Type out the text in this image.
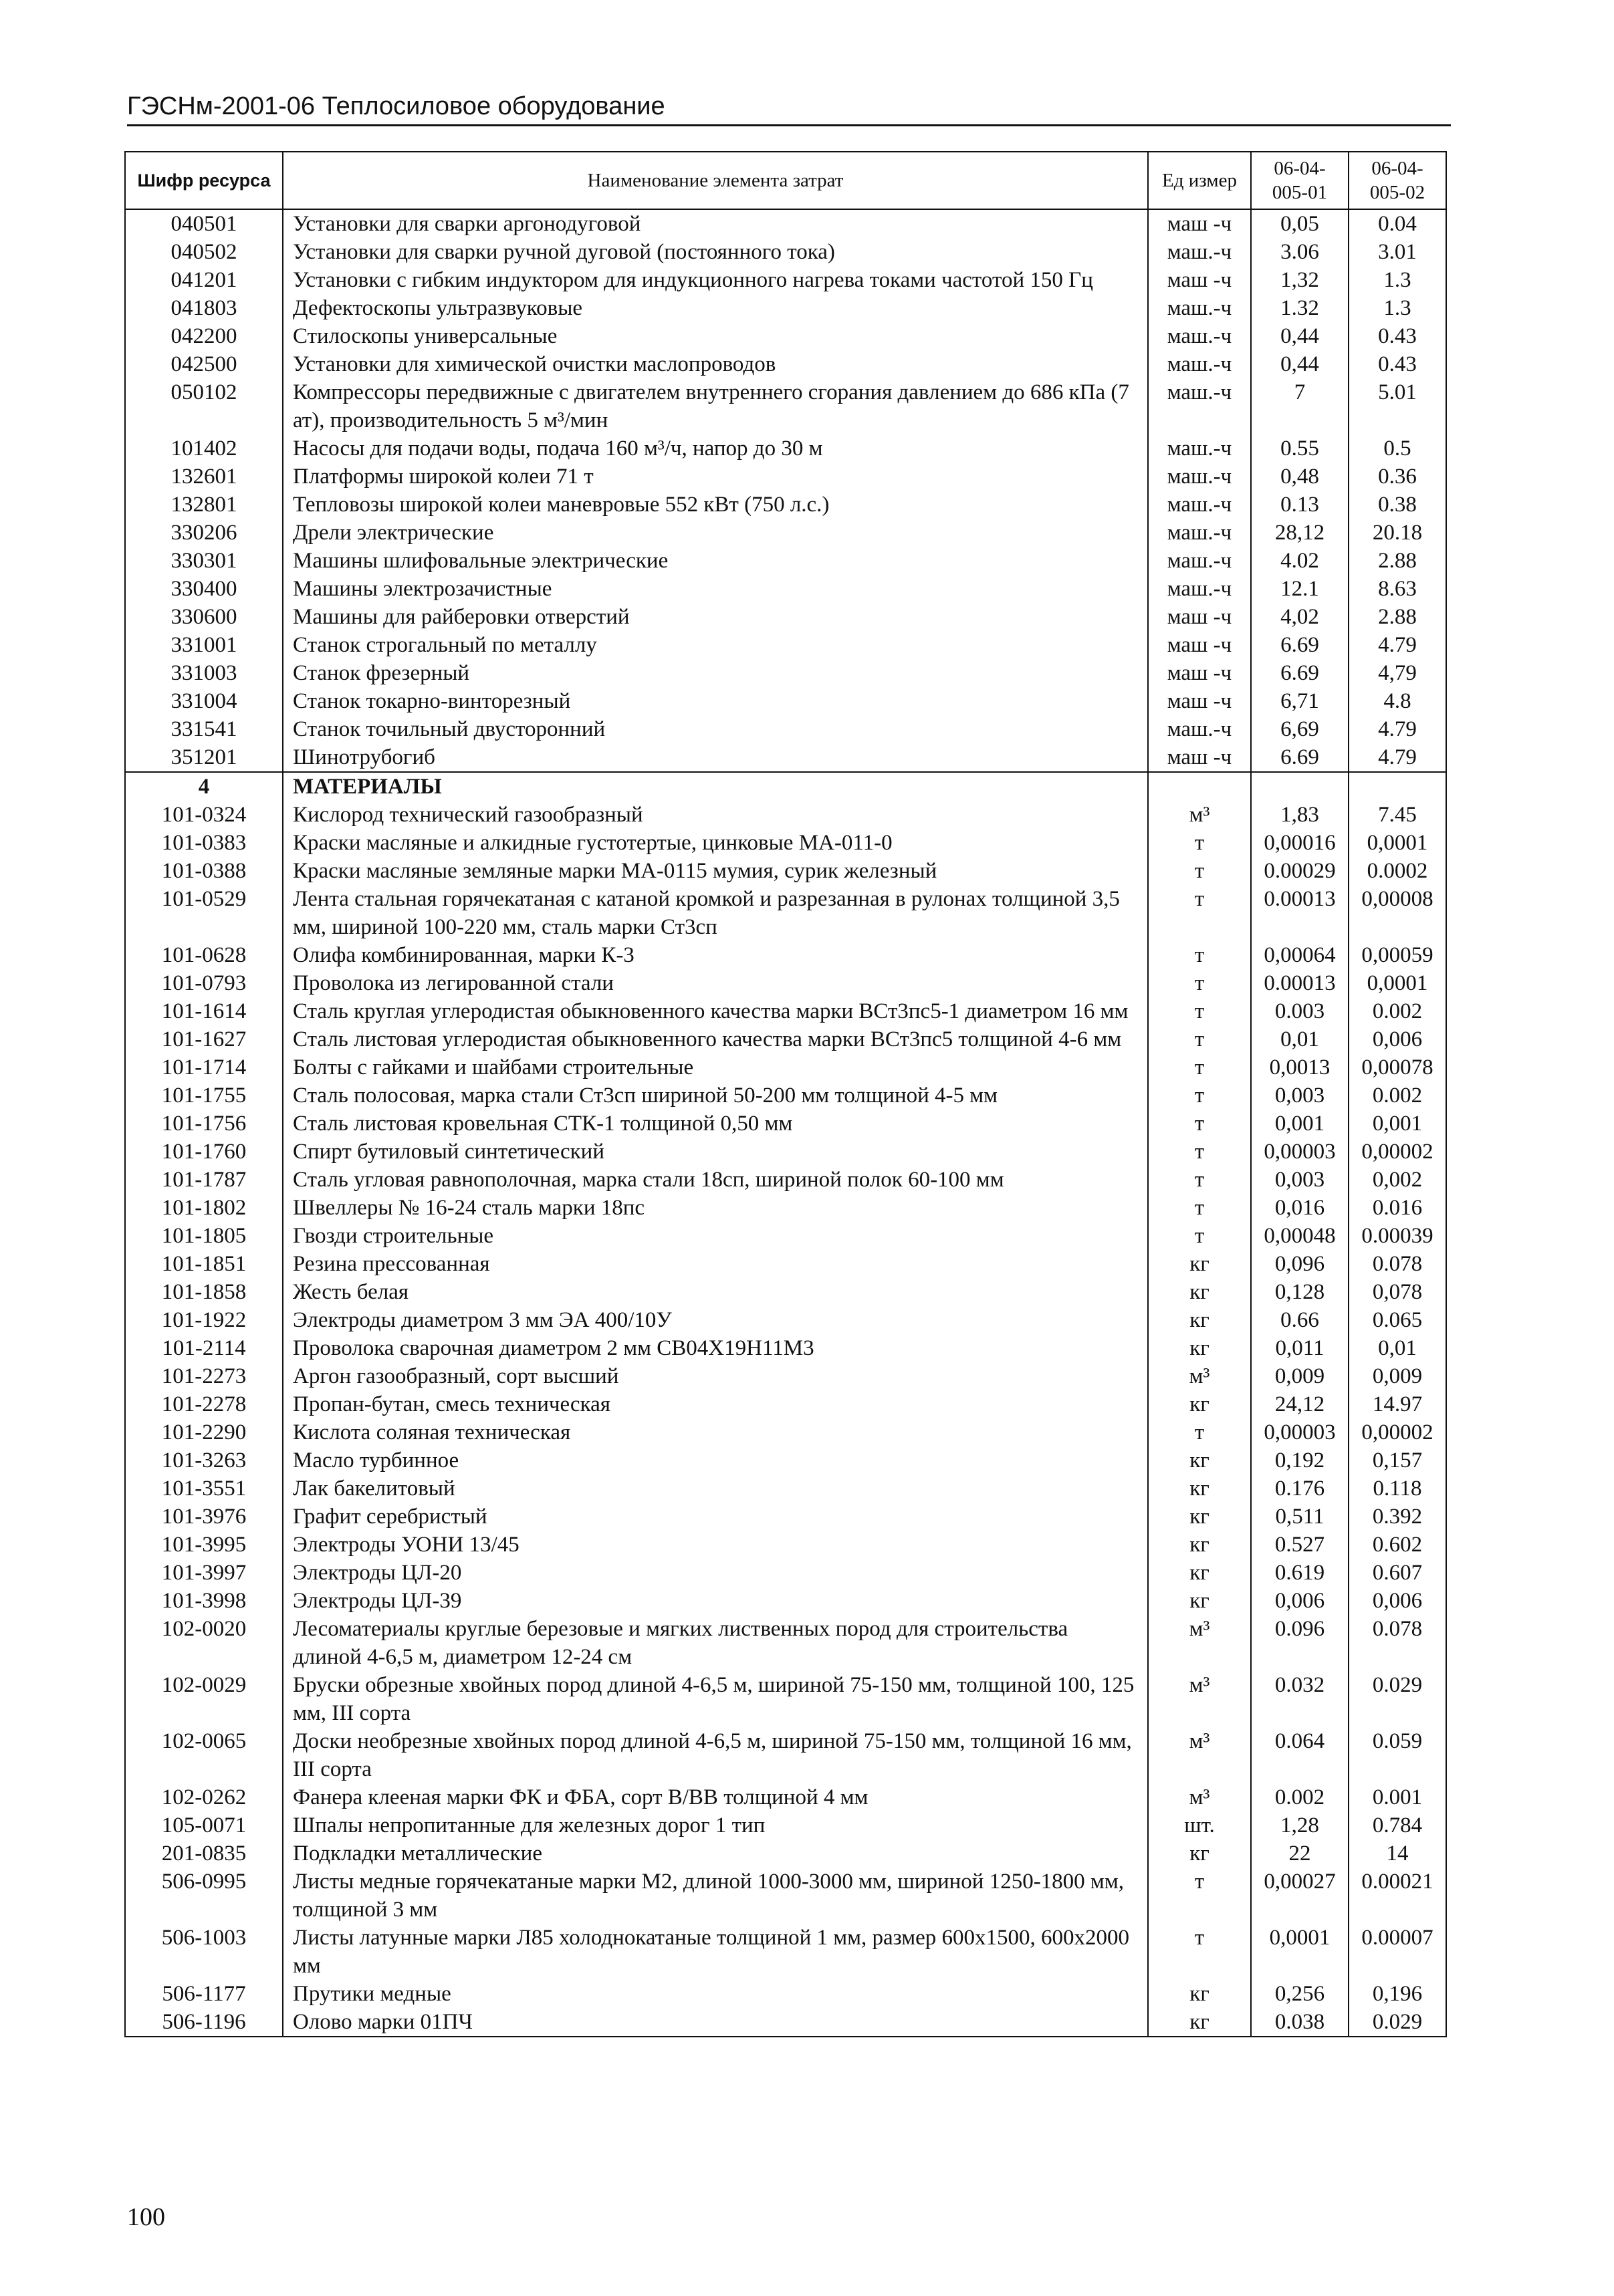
ГЭСНм-2001-06 Теплосиловое оборудование
Шифр ресурса	Наименование элемента затрат	Ед измер	06-04-005-01	06-04-005-02
040501	Установки для сварки аргонодуговой	маш -ч	0,05	0.04
040502	Установки для сварки ручной дуговой (постоянного тока)	маш.-ч	3.06	3.01
041201	Установки с гибким индуктором для индукционного нагрева токами частотой 150 Гц	маш -ч	1,32	1.3
041803	Дефектоскопы ультразвуковые	маш.-ч	1.32	1.3
042200	Стилоскопы универсальные	маш.-ч	0,44	0.43
042500	Установки для химической очистки маслопроводов	маш.-ч	0,44	0.43
050102	Компрессоры передвижные с двигателем внутреннего сгорания давлением до 686 кПа (7 ат), производительность 5 м³/мин	маш.-ч	7	5.01
101402	Насосы для подачи воды, подача 160 м³/ч, напор до 30 м	маш.-ч	0.55	0.5
132601	Платформы широкой колеи 71 т	маш.-ч	0,48	0.36
132801	Тепловозы широкой колеи маневровые 552 кВт (750 л.с.)	маш.-ч	0.13	0.38
330206	Дрели электрические	маш.-ч	28,12	20.18
330301	Машины шлифовальные электрические	маш.-ч	4.02	2.88
330400	Машины электрозачистные	маш.-ч	12.1	8.63
330600	Машины для райберовки отверстий	маш -ч	4,02	2.88
331001	Станок строгальный по металлу	маш -ч	6.69	4.79
331003	Станок фрезерный	маш -ч	6.69	4,79
331004	Станок токарно-винторезный	маш -ч	6,71	4.8
331541	Станок точильный двусторонний	маш.-ч	6,69	4.79
351201	Шинотрубогиб	маш -ч	6.69	4.79
4	МАТЕРИАЛЫ			
101-0324	Кислород технический газообразный	м³	1,83	7.45
101-0383	Краски масляные и алкидные густотертые, цинковые МА-011-0	т	0,00016	0,0001
101-0388	Краски масляные земляные марки МА-0115 мумия, сурик железный	т	0.00029	0.0002
101-0529	Лента стальная горячекатаная с катаной кромкой и разрезанная в рулонах толщиной 3,5 мм, шириной 100-220 мм, сталь марки Ст3сп	т	0.00013	0,00008
101-0628	Олифа комбинированная, марки К-3	т	0,00064	0,00059
101-0793	Проволока из легированной стали	т	0.00013	0,0001
101-1614	Сталь круглая углеродистая обыкновенного качества марки ВСт3пс5-1 диаметром 16 мм	т	0.003	0.002
101-1627	Сталь листовая углеродистая обыкновенного качества марки ВСт3пс5 толщиной 4-6 мм	т	0,01	0,006
101-1714	Болты с гайками и шайбами строительные	т	0,0013	0,00078
101-1755	Сталь полосовая, марка стали Ст3сп шириной 50-200 мм толщиной 4-5 мм	т	0,003	0.002
101-1756	Сталь листовая кровельная СТК-1 толщиной 0,50 мм	т	0,001	0,001
101-1760	Спирт бутиловый синтетический	т	0,00003	0,00002
101-1787	Сталь угловая равнополочная, марка стали 18сп, шириной полок 60-100 мм	т	0,003	0,002
101-1802	Швеллеры № 16-24 сталь марки 18пс	т	0,016	0.016
101-1805	Гвозди строительные	т	0,00048	0.00039
101-1851	Резина прессованная	кг	0,096	0.078
101-1858	Жесть белая	кг	0,128	0,078
101-1922	Электроды диаметром 3 мм ЭА 400/10У	кг	0.66	0.065
101-2114	Проволока сварочная диаметром 2 мм СВ04Х19Н11М3	кг	0,011	0,01
101-2273	Аргон газообразный, сорт высший	м³	0,009	0,009
101-2278	Пропан-бутан, смесь техническая	кг	24,12	14.97
101-2290	Кислота соляная техническая	т	0,00003	0,00002
101-3263	Масло турбинное	кг	0,192	0,157
101-3551	Лак бакелитовый	кг	0.176	0.118
101-3976	Графит серебристый	кг	0,511	0.392
101-3995	Электроды УОНИ 13/45	кг	0.527	0.602
101-3997	Электроды ЦЛ-20	кг	0.619	0.607
101-3998	Электроды ЦЛ-39	кг	0,006	0,006
102-0020	Лесоматериалы круглые березовые и мягких лиственных пород для строительства длиной 4-6,5 м, диаметром 12-24 см	м³	0.096	0.078
102-0029	Бруски обрезные хвойных пород длиной 4-6,5 м, шириной 75-150 мм, толщиной 100, 125 мм, III сорта	м³	0.032	0.029
102-0065	Доски необрезные хвойных пород длиной 4-6,5 м, шириной 75-150 мм, толщиной 16 мм, III сорта	м³	0.064	0.059
102-0262	Фанера клееная марки ФК и ФБА, сорт В/ВВ толщиной 4 мм	м³	0.002	0.001
105-0071	Шпалы непропитанные для железных дорог 1 тип	шт.	1,28	0.784
201-0835	Подкладки металлические	кг	22	14
506-0995	Листы медные горячекатаные марки М2, длиной 1000-3000 мм, шириной 1250-1800 мм, толщиной 3 мм	т	0,00027	0.00021
506-1003	Листы латунные марки Л85 холоднокатаные толщиной 1 мм, размер 600x1500, 600x2000 мм	т	0,0001	0.00007
506-1177	Прутики медные	кг	0,256	0,196
506-1196	Олово марки 01ПЧ	кг	0.038	0.029
100
